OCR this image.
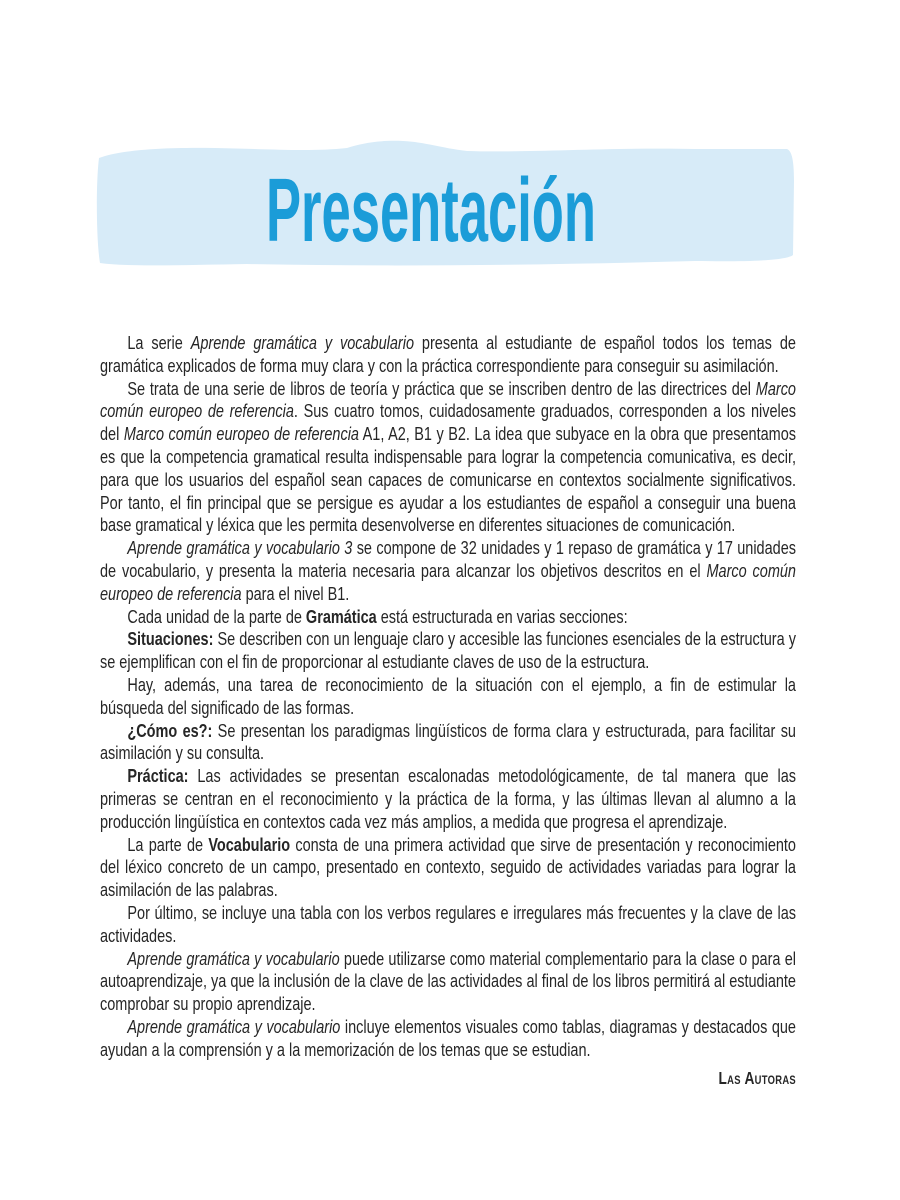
Presentación

La serie Aprende gramática y vocabulario presenta al estudiante de español todos los temas de gramática explicados de forma muy clara y con la práctica correspondiente para conseguir su asimilación.

Se trata de una serie de libros de teoría y práctica que se inscriben dentro de las directrices del Marco común europeo de referencia. Sus cuatro tomos, cuidadosamente graduados, corresponden a los niveles del Marco común europeo de referencia A1, A2, B1 y B2. La idea que subyace en la obra que presentamos es que la competencia gramatical resulta indispensable para lograr la competencia comunicativa, es decir, para que los usuarios del español sean capaces de comunicarse en contextos socialmente significativos. Por tanto, el fin principal que se persigue es ayudar a los estudiantes de español a conseguir una buena base gramatical y léxica que les permita desenvolverse en diferentes situaciones de comunicación.

Aprende gramática y vocabulario 3 se compone de 32 unidades y 1 repaso de gramática y 17 unidades de vocabulario, y presenta la materia necesaria para alcanzar los objetivos descritos en el Marco común europeo de referencia para el nivel B1.

Cada unidad de la parte de Gramática está estructurada en varias secciones:

Situaciones: Se describen con un lenguaje claro y accesible las funciones esenciales de la estructura y se ejemplifican con el fin de proporcionar al estudiante claves de uso de la estructura.

Hay, además, una tarea de reconocimiento de la situación con el ejemplo, a fin de estimular la búsqueda del significado de las formas.

¿Cómo es?: Se presentan los paradigmas lingüísticos de forma clara y estructurada, para facilitar su asimilación y su consulta.

Práctica: Las actividades se presentan escalonadas metodológicamente, de tal manera que las primeras se centran en el reconocimiento y la práctica de la forma, y las últimas llevan al alumno a la producción lingüística en contextos cada vez más amplios, a medida que progresa el aprendizaje.

La parte de Vocabulario consta de una primera actividad que sirve de presentación y reconocimiento del léxico concreto de un campo, presentado en contexto, seguido de actividades variadas para lograr la asimilación de las palabras.

Por último, se incluye una tabla con los verbos regulares e irregulares más frecuentes y la clave de las actividades.

Aprende gramática y vocabulario puede utilizarse como material complementario para la clase o para el autoaprendizaje, ya que la inclusión de la clave de las actividades al final de los libros permitirá al estudiante comprobar su propio aprendizaje.

Aprende gramática y vocabulario incluye elementos visuales como tablas, diagramas y destacados que ayudan a la comprensión y a la memorización de los temas que se estudian.

Las Autoras
